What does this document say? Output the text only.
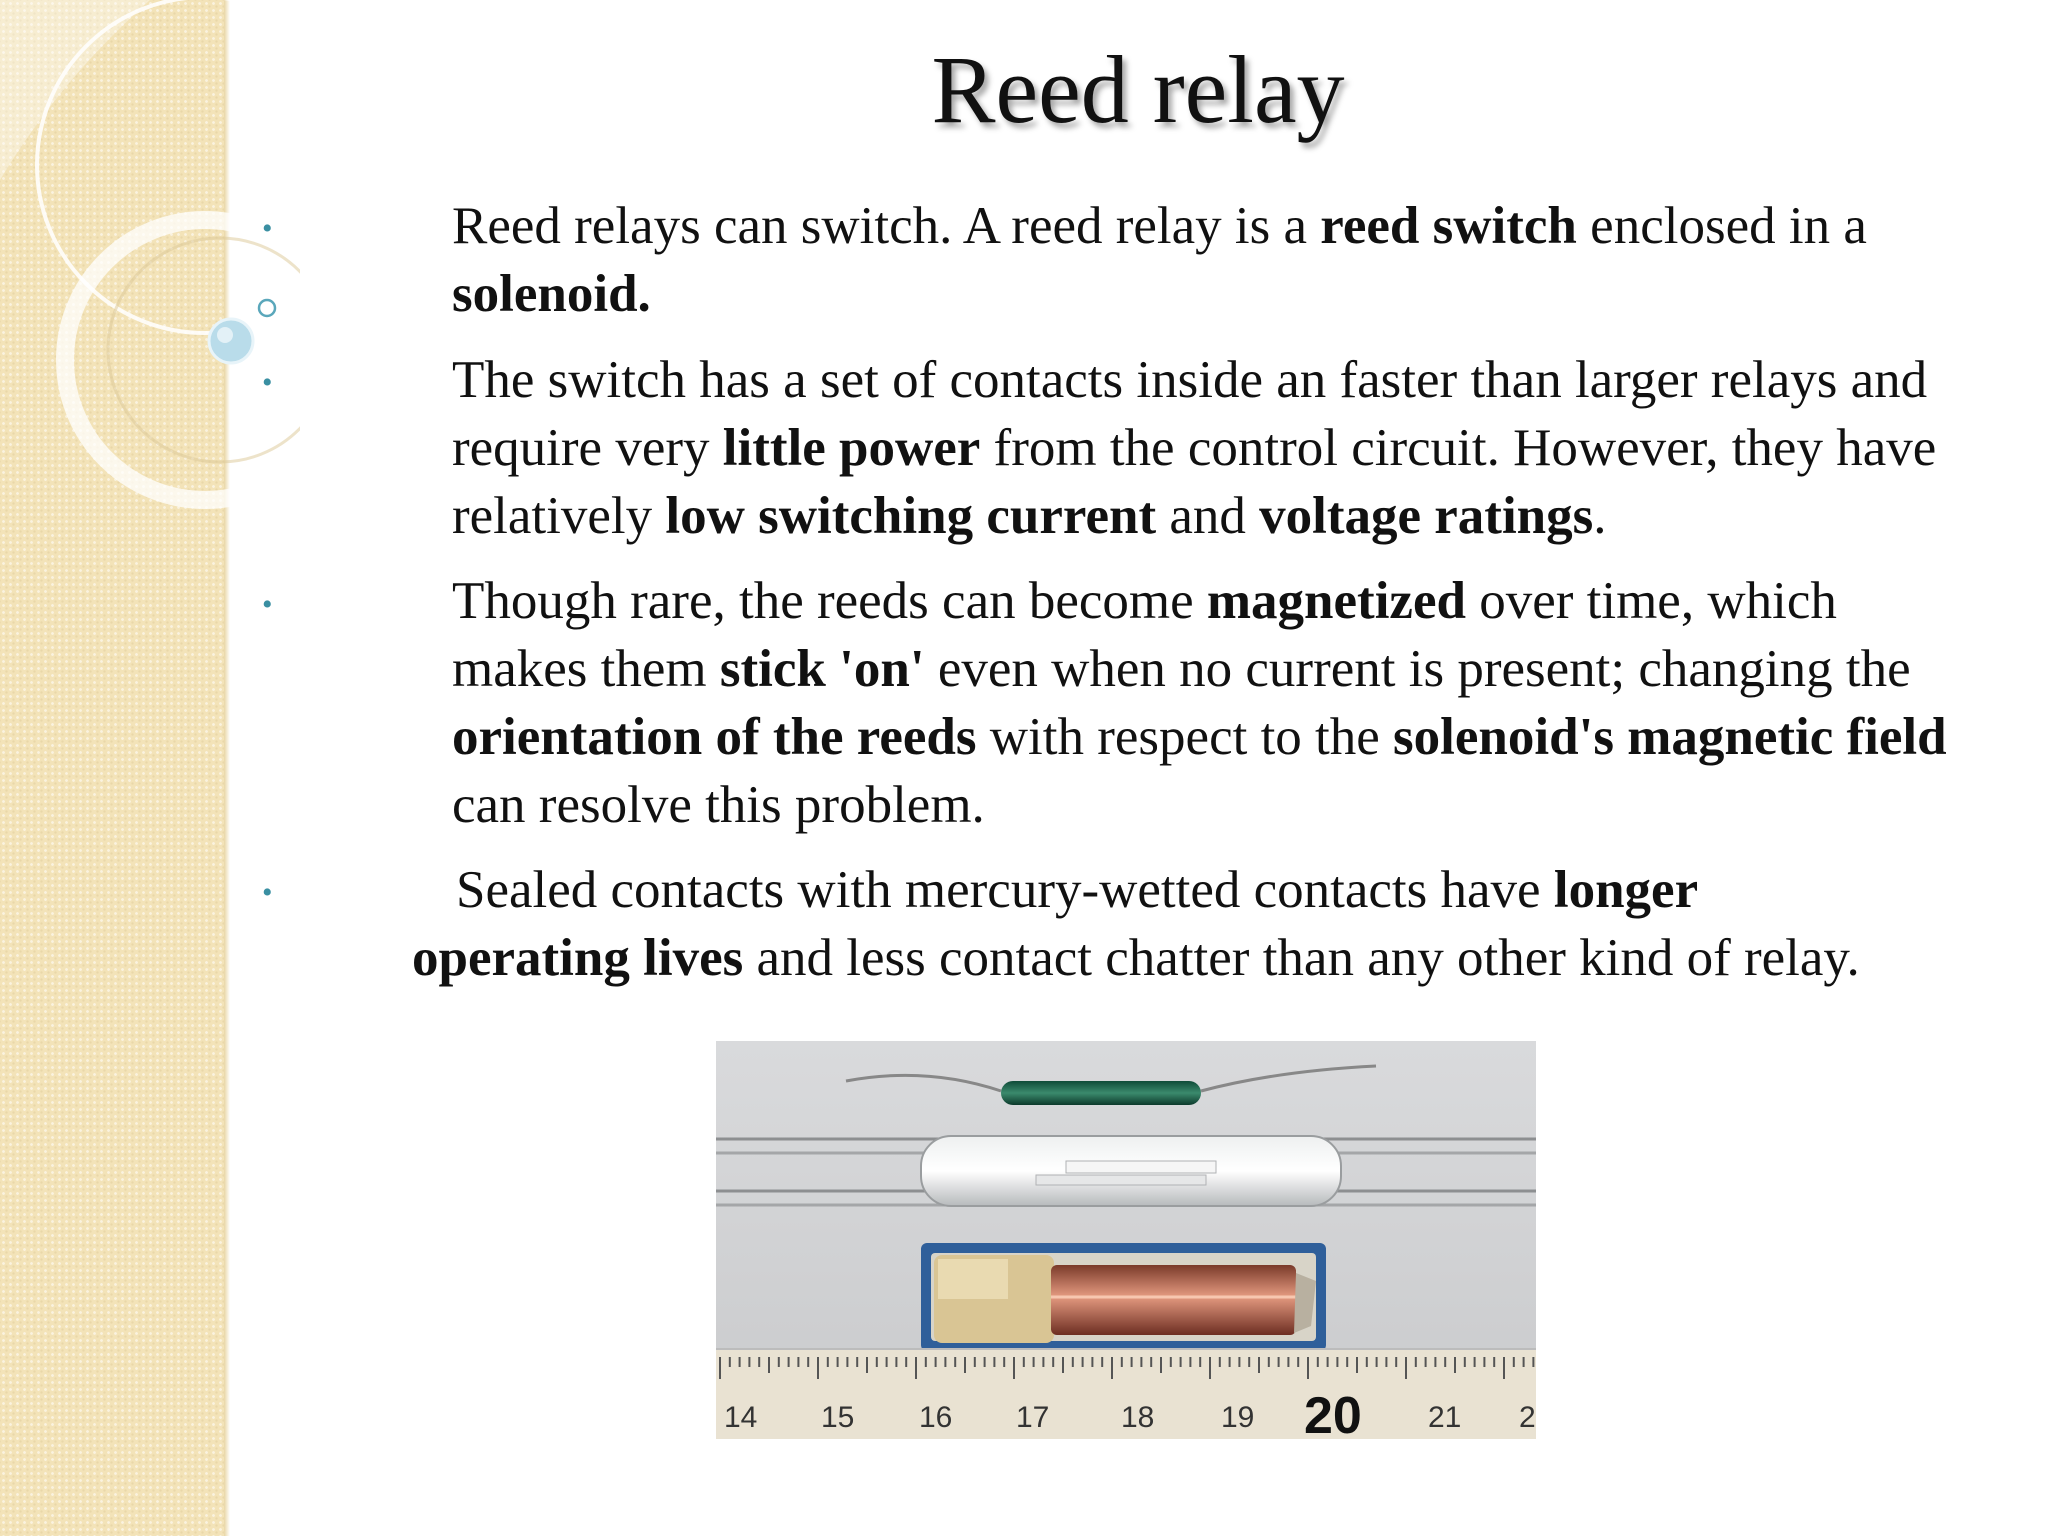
Reed relay
•	Reed relays can switch. A reed relay is a reed switch enclosed in a solenoid.

•	The switch has a set of contacts inside an faster than larger relays and require very little power from the control circuit. However, they have relatively low switching current and voltage ratings.

•	Though rare, the reeds can become magnetized over time, which makes them stick 'on' even when no current is present; changing the orientation of the reeds with respect to the solenoid's magnetic field can resolve this problem.

•	Sealed contacts with mercury-wetted contacts have longer operating lives and less contact chatter than any other kind of relay.

14 15 16 17 18 19 20 21 2
